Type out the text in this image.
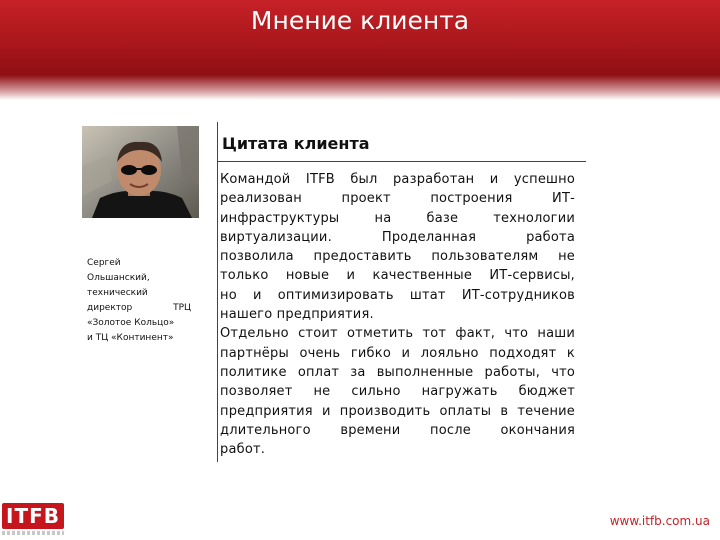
Мнение клиента
Сергей
Ольшанский,
технический
директор ТРЦ
«Золотое Кольцо»
и ТЦ «Континент»
Цитата клиента
Командой ITFB был разработан и успешно
реализован проект построения ИТ-
инфраструктуры на базе технологии
виртуализации. Проделанная работа
позволила предоставить пользователям не
только новые и качественные ИТ-сервисы,
но и оптимизировать штат ИТ-сотрудников
нашего предприятия.
Отдельно стоит отметить тот факт, что наши
партнёры очень гибко и лояльно подходят к
политике оплат за выполненные работы, что
позволяет не сильно нагружать бюджет
предприятия и производить оплаты в течение
длительного времени после окончания
работ.
ITFB	www.itfb.com.ua
